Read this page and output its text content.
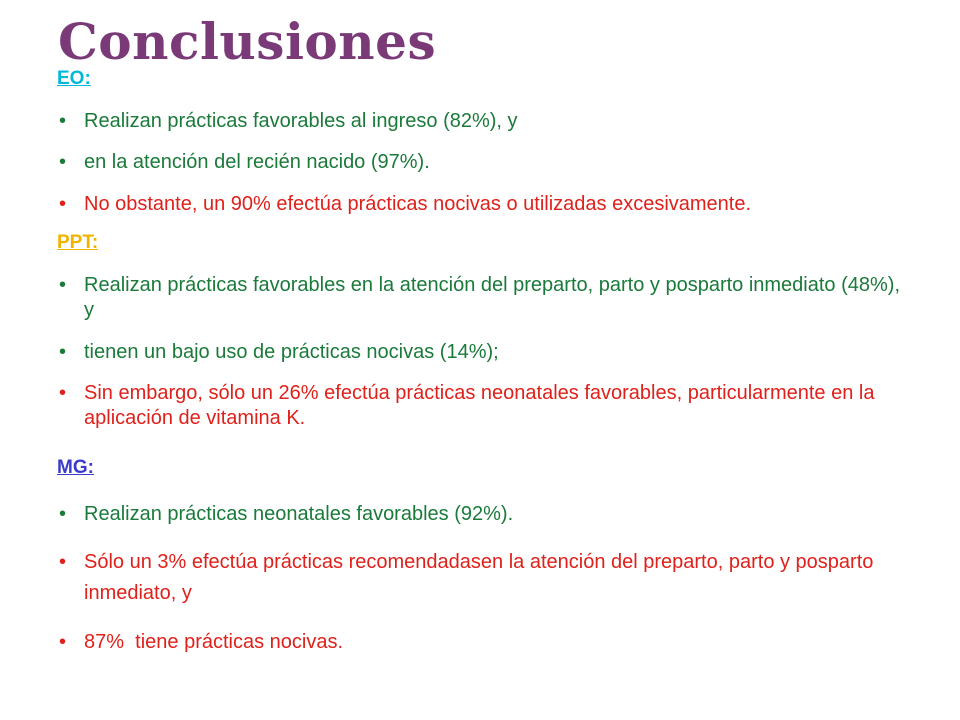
Conclusiones
EO:
• Realizan prácticas favorables al ingreso (82%), y
• en la atención del recién nacido (97%).
• No obstante, un 90% efectúa prácticas nocivas o utilizadas excesivamente.
PPT:
• Realizan prácticas favorables en la atención del preparto, parto y posparto inmediato (48%), y
• tienen un bajo uso de prácticas nocivas (14%);
• Sin embargo, sólo un 26% efectúa prácticas neonatales favorables, particularmente en la aplicación de vitamina K.
MG:
• Realizan prácticas neonatales favorables (92%).
• Sólo un 3% efectúa prácticas recomendadasen la atención del preparto, parto y posparto inmediato, y
• 87%  tiene prácticas nocivas.
